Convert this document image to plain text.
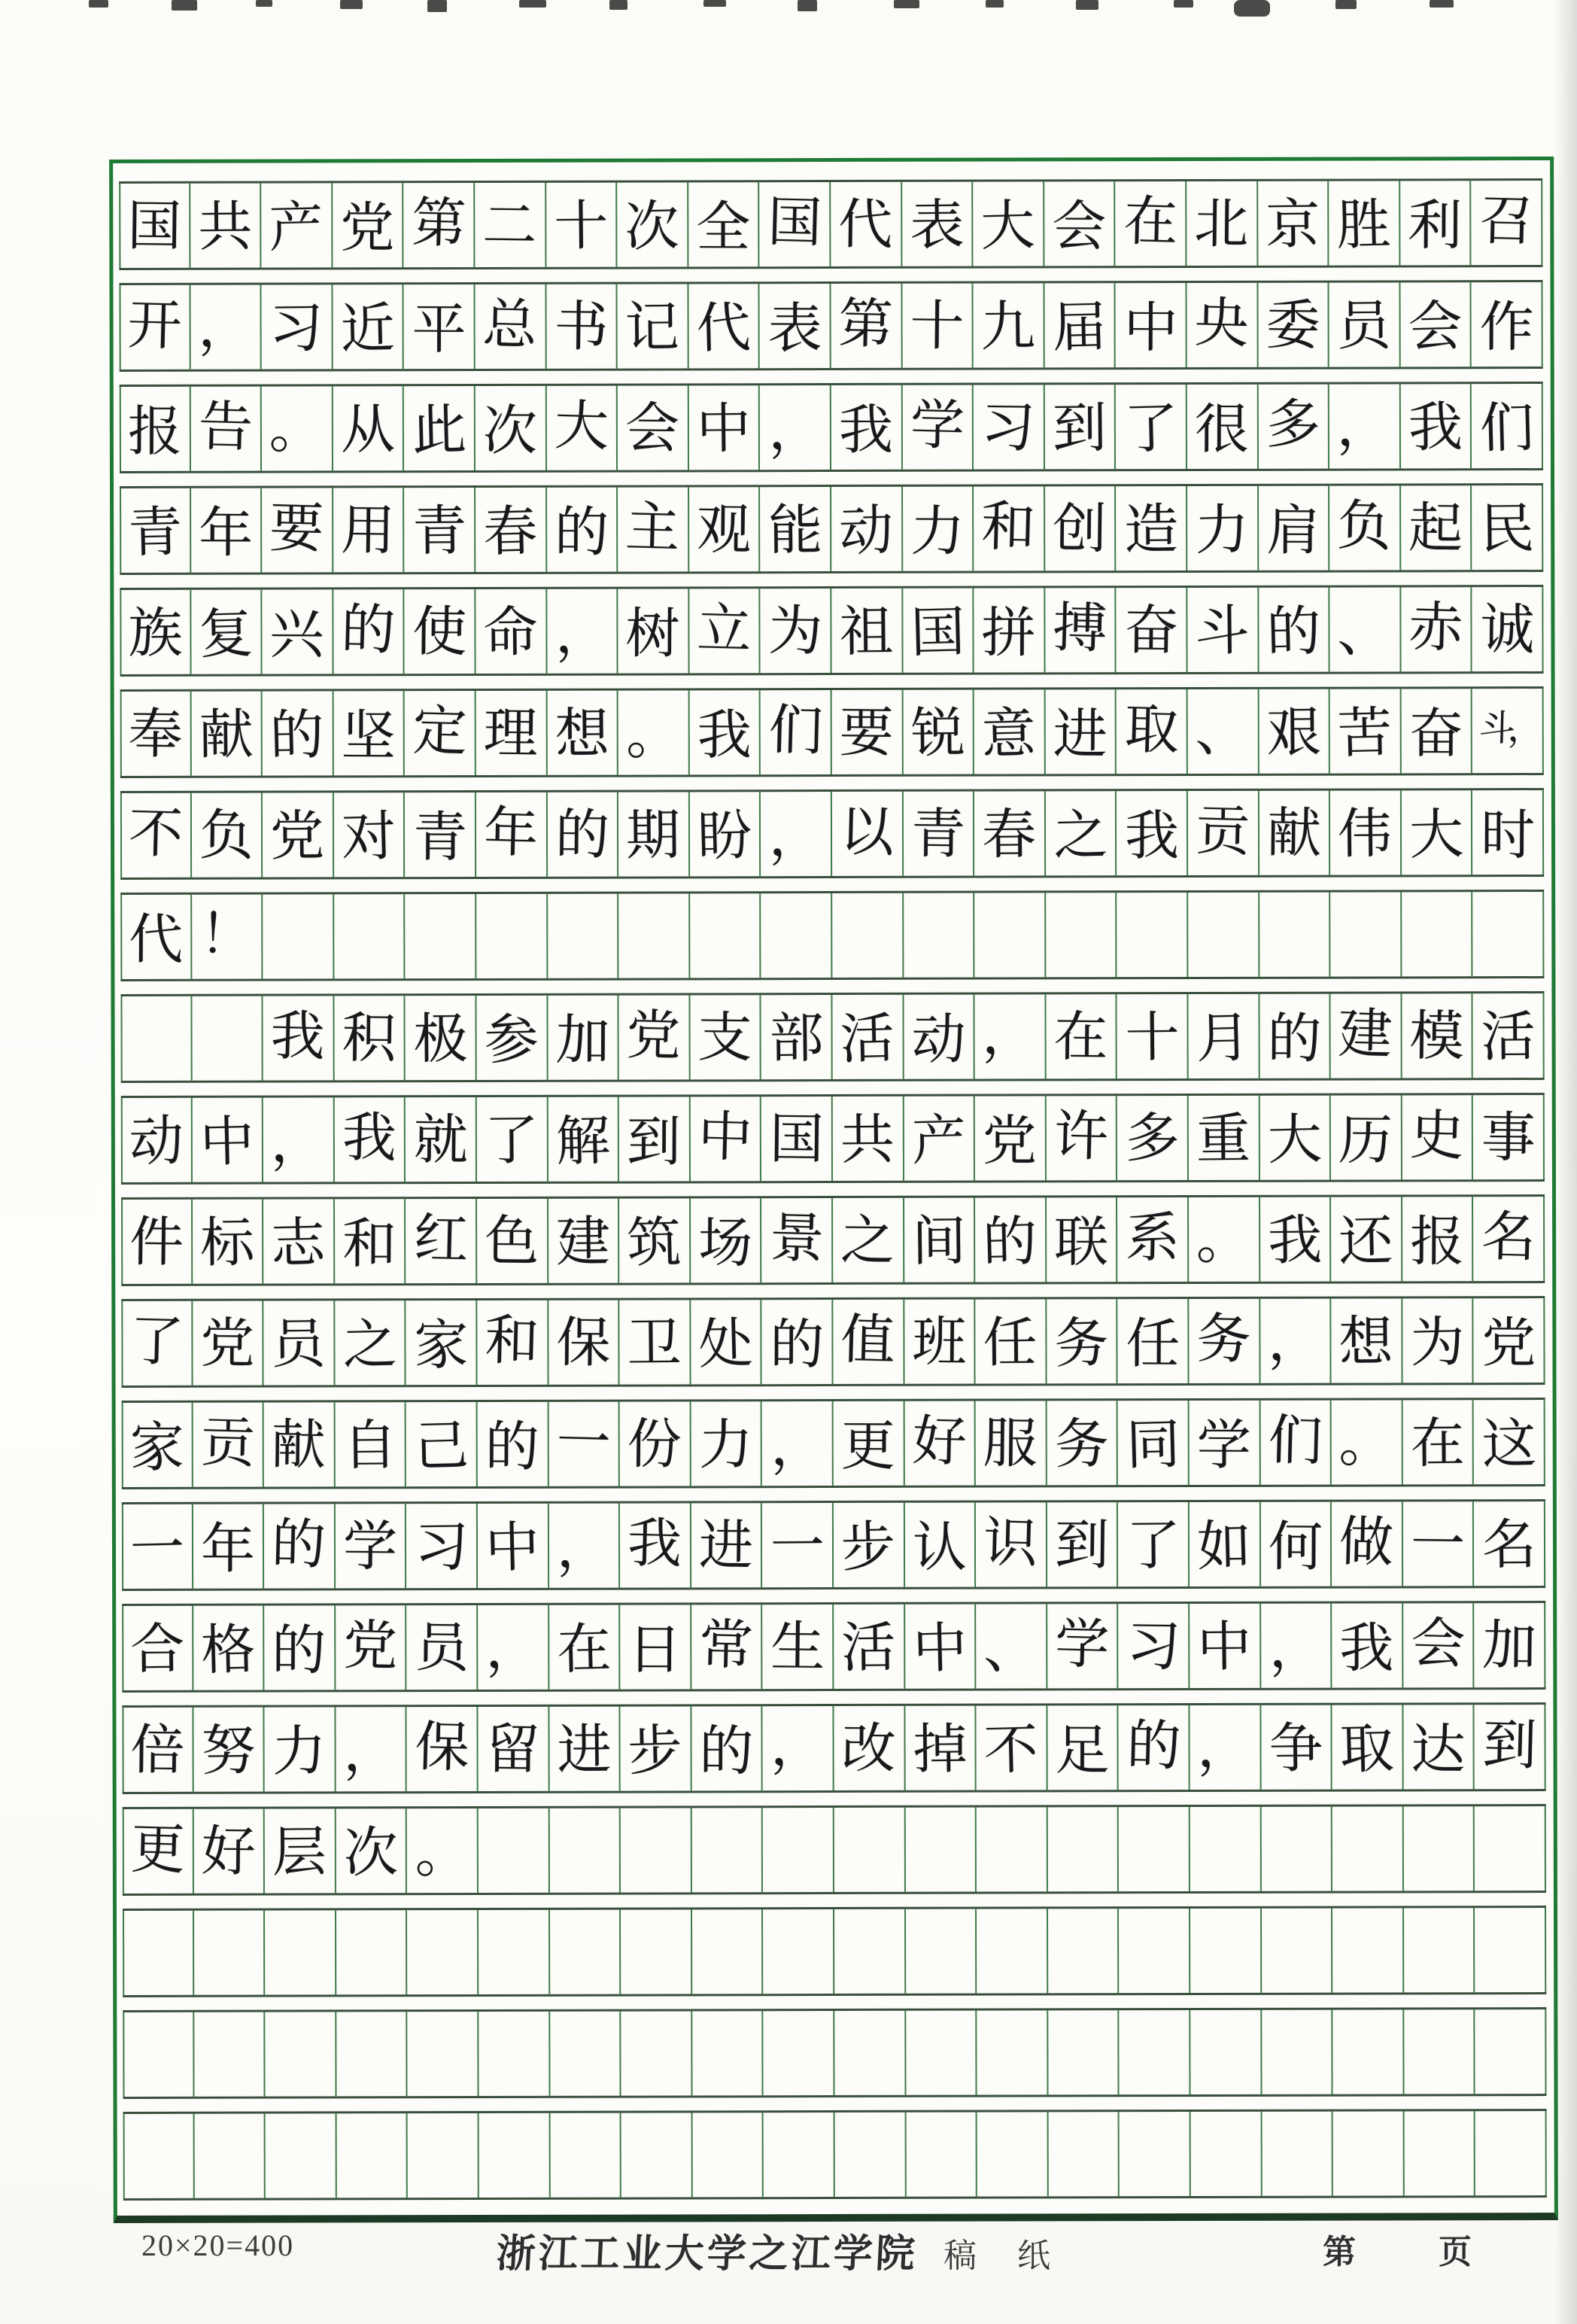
国 共 产 党 第 二 十 次 全 国 代 表 大 会 在 北 京 胜 利 召
开 ， 习 近 平 总 书 记 代 表 第 十 九 届 中 央 委 员 会 作
报 告 。 从 此 次 大 会 中 ， 我 学 习 到 了 很 多 ， 我 们
青 年 要 用 青 春 的 主 观 能 动 力 和 创 造 力 肩 负 起 民
族 复 兴 的 使 命 ， 树 立 为 祖 国 拼 搏 奋 斗 的 、 赤 诚
奉 献 的 坚 定 理 想 。 我 们 要 锐 意 进 取 、 艰 苦 奋 斗，
不 负 党 对 青 年 的 期 盼 ， 以 青 春 之 我 贡 献 伟 大 时
代 ！
我 积 极 参 加 党 支 部 活 动 ， 在 十 月 的 建 模 活
动 中 ， 我 就 了 解 到 中 国 共 产 党 许 多 重 大 历 史 事
件 标 志 和 红 色 建 筑 场 景 之 间 的 联 系 。 我 还 报 名
了 党 员 之 家 和 保 卫 处 的 值 班 任 务 任 务 ， 想 为 党
家 贡 献 自 己 的 一 份 力 ， 更 好 服 务 同 学 们 。 在 这
一 年 的 学 习 中 ， 我 进 一 步 认 识 到 了 如 何 做 一 名
合 格 的 党 员 ， 在 日 常 生 活 中 、 学 习 中 ， 我 会 加
倍 努 力 ， 保 留 进 步 的 ， 改 掉 不 足 的 ， 争 取 达 到
更 好 层 次 。
20×20=400	浙江工业大学之江学院 稿 纸	第	页
